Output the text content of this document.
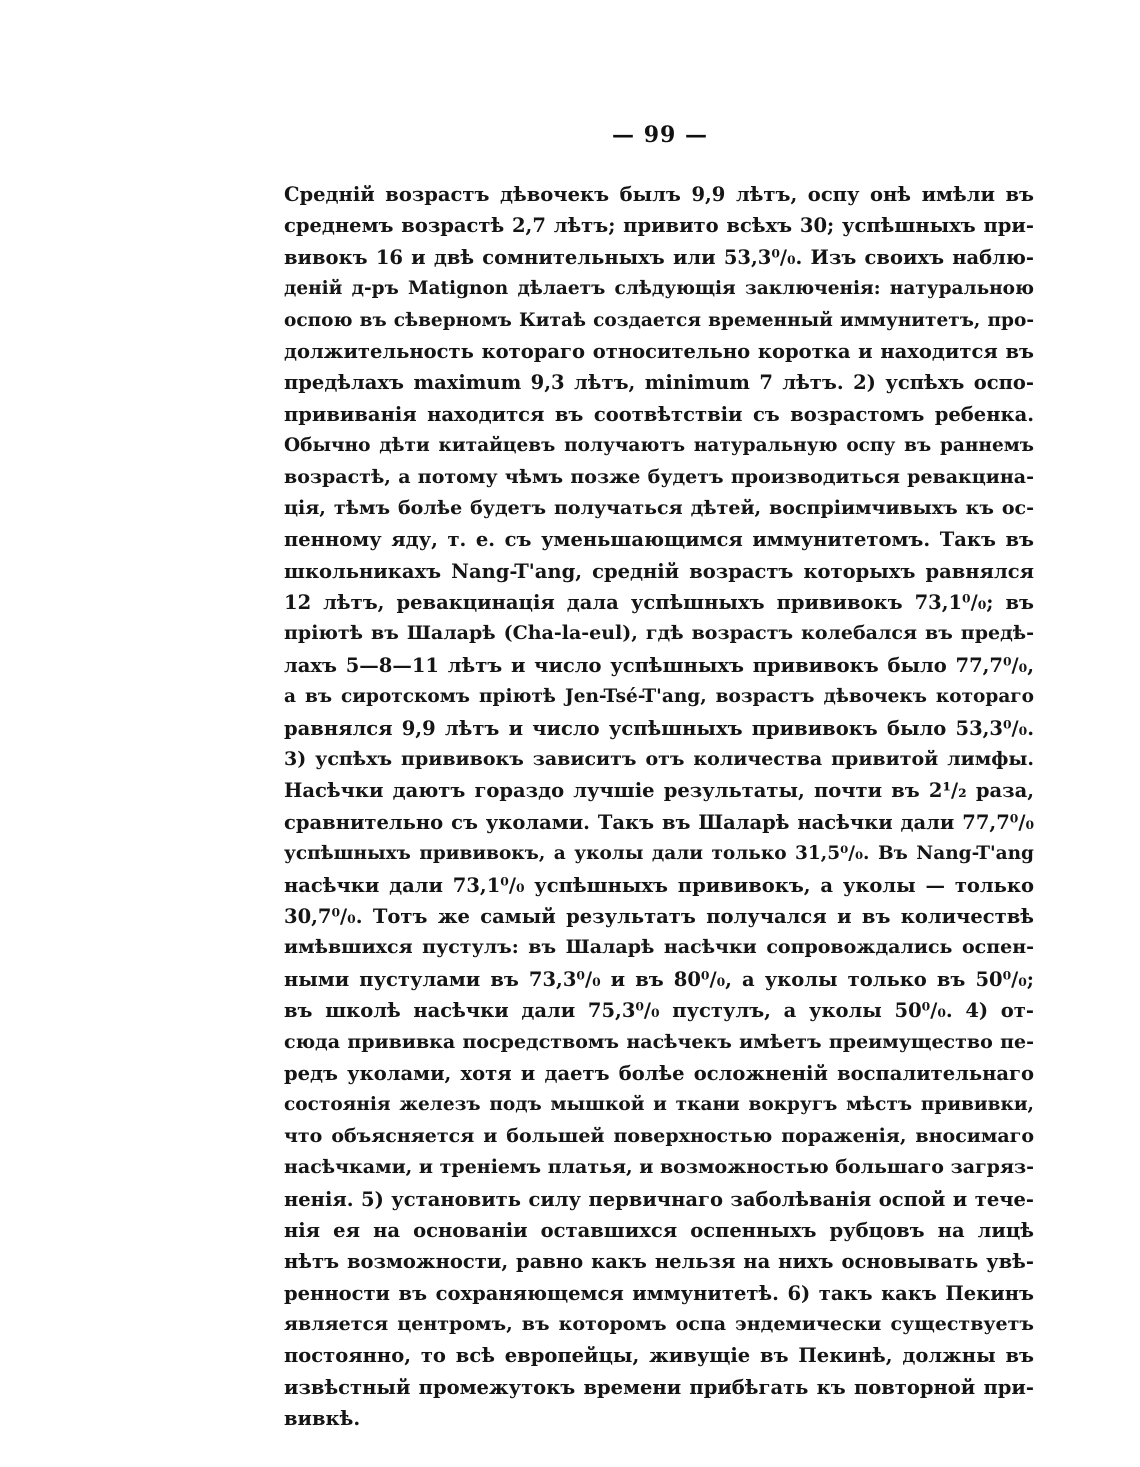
— 99 —
Средній возрастъ дѣвочекъ былъ 9,9 лѣтъ, оспу онѣ имѣли въ
среднемъ возрастѣ 2,7 лѣтъ; привито всѣхъ 30; успѣшныхъ при-
вивокъ 16 и двѣ сомнительныхъ или 53,3⁰/₀. Изъ своихъ наблю-
деній д-ръ Matignon дѣлаетъ слѣдующія заключенія: натуральною
оспою въ сѣверномъ Китаѣ создается временный иммунитетъ, про-
должительность котораго относительно коротка и находится въ
предѣлахъ maximum 9,3 лѣтъ, minimum 7 лѣтъ. 2) успѣхъ оспо-
прививанія находится въ соотвѣтствіи съ возрастомъ ребенка.
Обычно дѣти китайцевъ получаютъ натуральную оспу въ раннемъ
возрастѣ, а потому чѣмъ позже будетъ производиться ревакцина-
ція, тѣмъ болѣе будетъ получаться дѣтей, воспріимчивыхъ къ ос-
пенному яду, т. е. съ уменьшающимся иммунитетомъ. Такъ въ
школьникахъ Nang-T'ang, средній возрастъ которыхъ равнялся
12 лѣтъ, ревакцинація дала успѣшныхъ прививокъ 73,1⁰/₀; въ
пріютѣ въ Шаларѣ (Cha-la-eul), гдѣ возрастъ колебался въ предѣ-
лахъ 5—8—11 лѣтъ и число успѣшныхъ прививокъ было 77,7⁰/₀,
а въ сиротскомъ пріютѣ Jen-Tsé-T'ang, возрастъ дѣвочекъ котораго
равнялся 9,9 лѣтъ и число успѣшныхъ прививокъ было 53,3⁰/₀.
3) успѣхъ прививокъ зависитъ отъ количества привитой лимфы.
Насѣчки даютъ гораздо лучшіе результаты, почти въ 2¹/₂ раза,
сравнительно съ уколами. Такъ въ Шаларѣ насѣчки дали 77,7⁰/₀
успѣшныхъ прививокъ, а уколы дали только 31,5⁰/₀. Въ Nang-T'ang
насѣчки дали 73,1⁰/₀ успѣшныхъ прививокъ, а уколы — только
30,7⁰/₀. Тотъ же самый результатъ получался и въ количествѣ
имѣвшихся пустулъ: въ Шаларѣ насѣчки сопровождались оспен-
ными пустулами въ 73,3⁰/₀ и въ 80⁰/₀, а уколы только въ 50⁰/₀;
въ школѣ насѣчки дали 75,3⁰/₀ пустулъ, а уколы 50⁰/₀. 4) от-
сюда прививка посредствомъ насѣчекъ имѣетъ преимущество пе-
редъ уколами, хотя и даетъ болѣе осложненій воспалительнаго
состоянія железъ подъ мышкой и ткани вокругъ мѣстъ прививки,
что объясняется и большей поверхностью пораженія, вносимаго
насѣчками, и треніемъ платья, и возможностью большаго загряз-
ненія. 5) установить силу первичнаго заболѣванія оспой и тече-
нія ея на основаніи оставшихся оспенныхъ рубцовъ на лицѣ
нѣтъ возможности, равно какъ нельзя на нихъ основывать увѣ-
ренности въ сохраняющемся иммунитетѣ. 6) такъ какъ Пекинъ
является центромъ, въ которомъ оспа эндемически существуетъ
постоянно, то всѣ европейцы, живущіе въ Пекинѣ, должны въ
извѣстный промежутокъ времени прибѣгать къ повторной при-
вивкѣ.
